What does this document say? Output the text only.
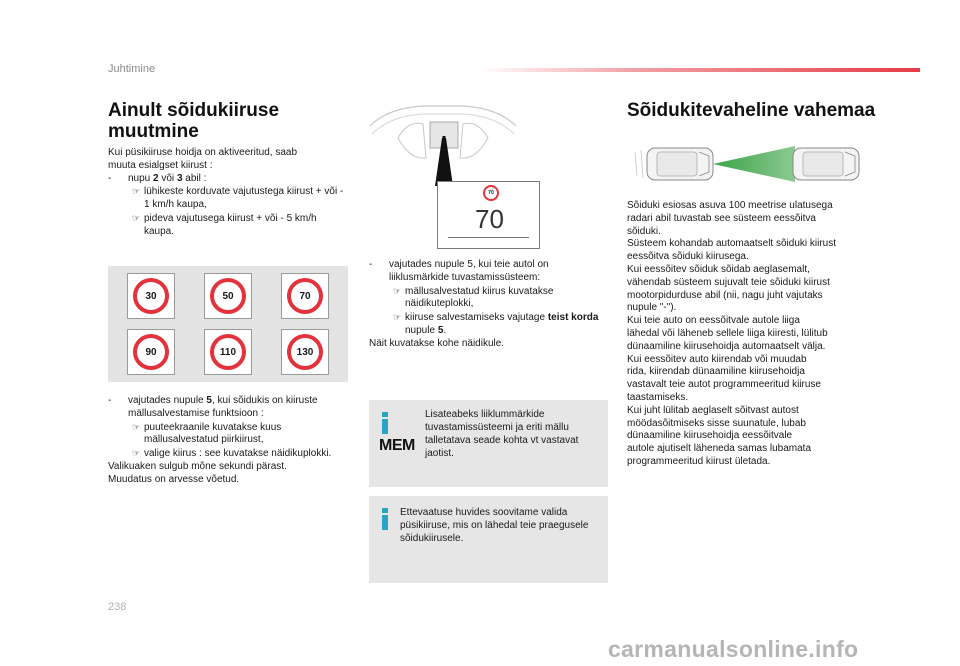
Juhtimine
Ainult sõidukiiruse muutmine

Kui püsikiiruse hoidja on aktiveeritud, saab

muuta esialgset kiirust :

- nupu 2 või 3 abil :

☞ lühikeste korduvate vajutustega kiirust + või - 1 km/h kaupa,

☞ pideva vajutusega kiirust + või - 5 km/h kaupa.

30	50	70
90	110	130

- vajutades nupule 5, kui sõidukis on kiiruste mällusalvestamise funktsioon :

☞ puuteekraanile kuvatakse kuus mällusalvestatud piirkiirust,

☞ valige kiirus : see kuvatakse näidikuplokki.

Valikuaken sulgub mõne sekundi pärast.

Muudatus on arvesse võetud.

70
70

- vajutades nupule 5, kui teie autol on liiklusmärkide tuvastamissüsteem:

☞ mällusalvestatud kiirus kuvatakse näidikuteplokki,

☞ kiiruse salvestamiseks vajutage teist korda nupule 5.

Näit kuvatakse kohe näidikule.

MEM
Lisateabeks liiklummärkide tuvastamissüsteemi ja eriti mällu talletatava seade kohta vt vastavat jaotist.
Ettevaatuse huvides soovitame valida püsikiiruse, mis on lähedal teie praegusele sõidukiirusele.
Sõidukitevaheline vahemaa

Sõiduki esiosas asuva 100 meetrise ulatusega

radari abil tuvastab see süsteem eessõitva

sõiduki.

Süsteem kohandab automaatselt sõiduki kiirust

eessõitva sõiduki kiirusega.

Kui eessõitev sõiduk sõidab aeglasemalt,

vähendab süsteem sujuvalt teie sõiduki kiirust

mootorpidurduse abil (nii, nagu juht vajutaks

nupule "-").

Kui teie auto on eessõitvale autole liiga

lähedal või läheneb sellele liiga kiiresti, lülitub

dünaamiline kiirusehoidja automaatselt välja.

Kui eessõitev auto kiirendab või muudab

rida, kiirendab dünaamiline kiirusehoidja

vastavalt teie autot programmeeritud kiiruse

taastamiseks.

Kui juht lülitab aeglaselt sõitvast autost

möödasõitmiseks sisse suunatule, lubab

dünaamiline kiirusehoidja eessõitvale

autole ajutiselt läheneda samas lubamata

programmeeritud kiirust ületada.

238
carmanualsonline.info
